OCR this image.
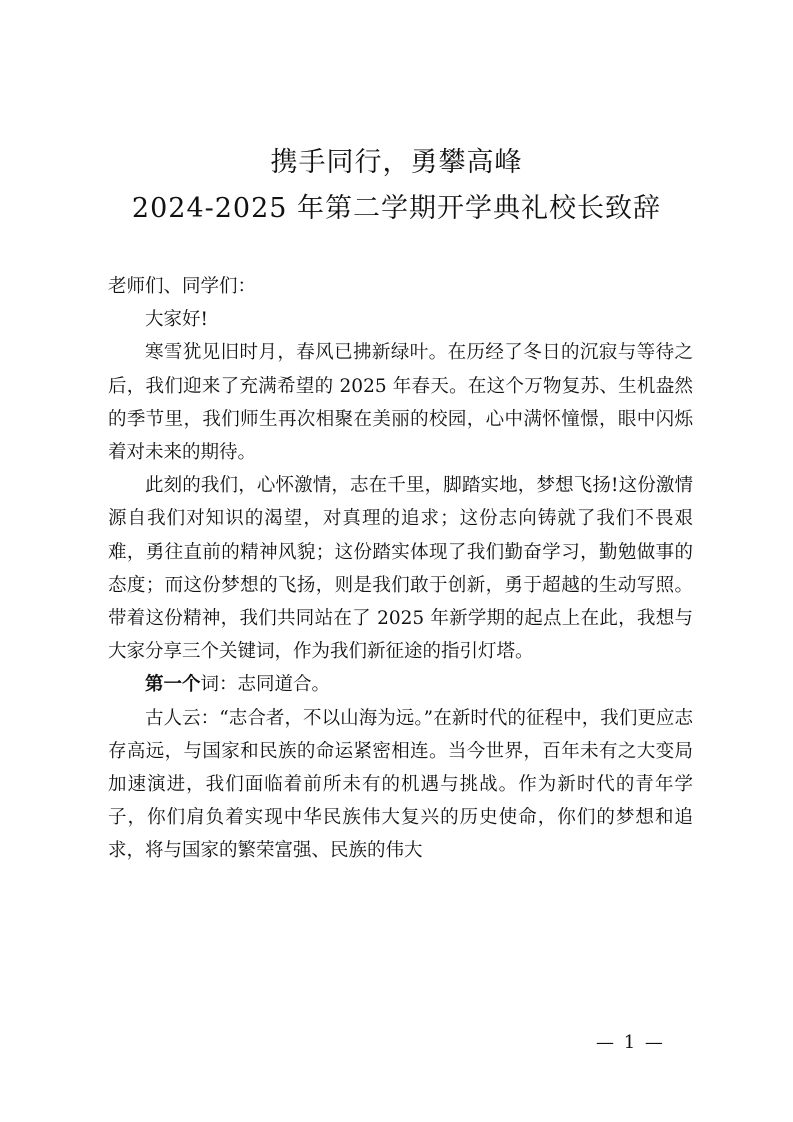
携手同行，勇攀高峰
2024-2025 年第二学期开学典礼校长致辞

老师们、同学们：

大家好!

寒雪犹见旧时月，春风已拂新绿叶。在历经了冬日的沉寂与等待之后，我们迎来了充满希望的 2025 年春天。在这个万物复苏、生机盎然的季节里，我们师生再次相聚在美丽的校园，心中满怀憧憬，眼中闪烁着对未来的期待。

此刻的我们，心怀激情，志在千里，脚踏实地，梦想飞扬!这份激情源自我们对知识的渴望，对真理的追求；这份志向铸就了我们不畏艰难，勇往直前的精神风貌；这份踏实体现了我们勤奋学习，勤勉做事的态度；而这份梦想的飞扬，则是我们敢于创新，勇于超越的生动写照。带着这份精神，我们共同站在了 2025 年新学期的起点上在此，我想与大家分享三个关键词，作为我们新征途的指引灯塔。

第一个词：志同道合。

古人云：“志合者，不以山海为远。”在新时代的征程中，我们更应志存高远，与国家和民族的命运紧密相连。当今世界，百年未有之大变局加速演进，我们面临着前所未有的机遇与挑战。作为新时代的青年学子，你们肩负着实现中华民族伟大复兴的历史使命，你们的梦想和追求，将与国家的繁荣富强、民族的伟大

— 1 —
